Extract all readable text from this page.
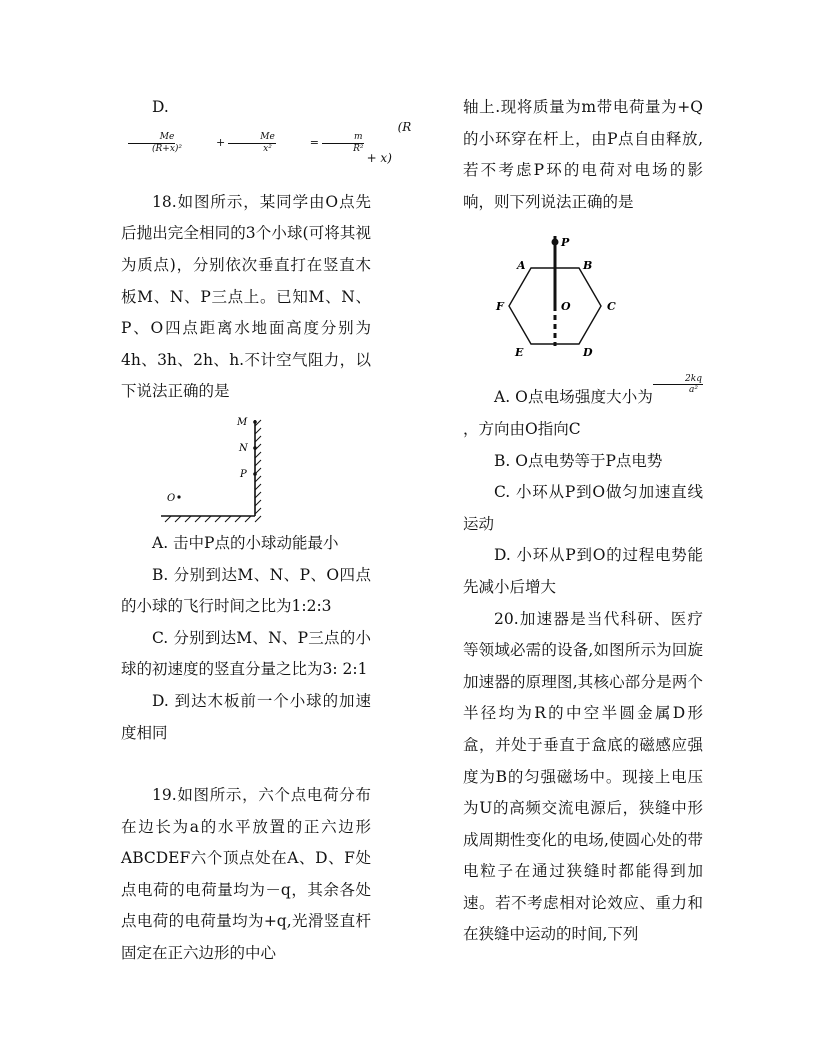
D.
$\frac{Me}{\text{(R+x)²}}$	+ $\frac{Me}{\text{x²}}$	= $\frac{m}{\text{R²}}$
(R + x)

18.如图所示，某同学由O点先后抛出完全相同的3个小球(可将其视为质点)，分别依次垂直打在竖直木板M、N、P三点上。已知M、N、P、O四点距离水地面高度分别为4h、3h、2h、h.不计空气阻力，以下说法正确的是

M
N
P
O

A. 击中P点的小球动能最小

B. 分别到达M、N、P、O四点的小球的飞行时间之比为1:2:3

C. 分别到达M、N、P三点的小球的初速度的竖直分量之比为3: 2:1

D. 到达木板前一个小球的加速度相同

19.如图所示，六个点电荷分布在边长为a的水平放置的正六边形ABCDEF六个顶点处在A、D、F处点电荷的电荷量均为－q，其余各处点电荷的电荷量均为+q,光滑竖直杆固定在正六边形的中心

轴上.现将质量为m带电荷量为+Q的小环穿在杆上，由P点自由释放,若不考虑P环的电荷对电场的影响，则下列说法正确的是

P
A	B
C
D
E
F	O

A. O点电场强度大小为
$\frac{2kq}{\text{a²}}$
，方向由O指向C

B. O点电势等于P点电势

C. 小环从P到O做匀加速直线运动

D. 小环从P到O的过程电势能先减小后增大

20.加速器是当代科研、医疗等领域必需的设备,如图所示为回旋加速器的原理图,其核心部分是两个半径均为R的中空半圆金属D形盒，并处于垂直于盒底的磁感应强度为B的匀强磁场中。现接上电压为U的高频交流电源后，狭缝中形成周期性变化的电场,使圆心处的带电粒子在通过狭缝时都能得到加速。若不考虑相对论效应、重力和在狭缝中运动的时间,下列
